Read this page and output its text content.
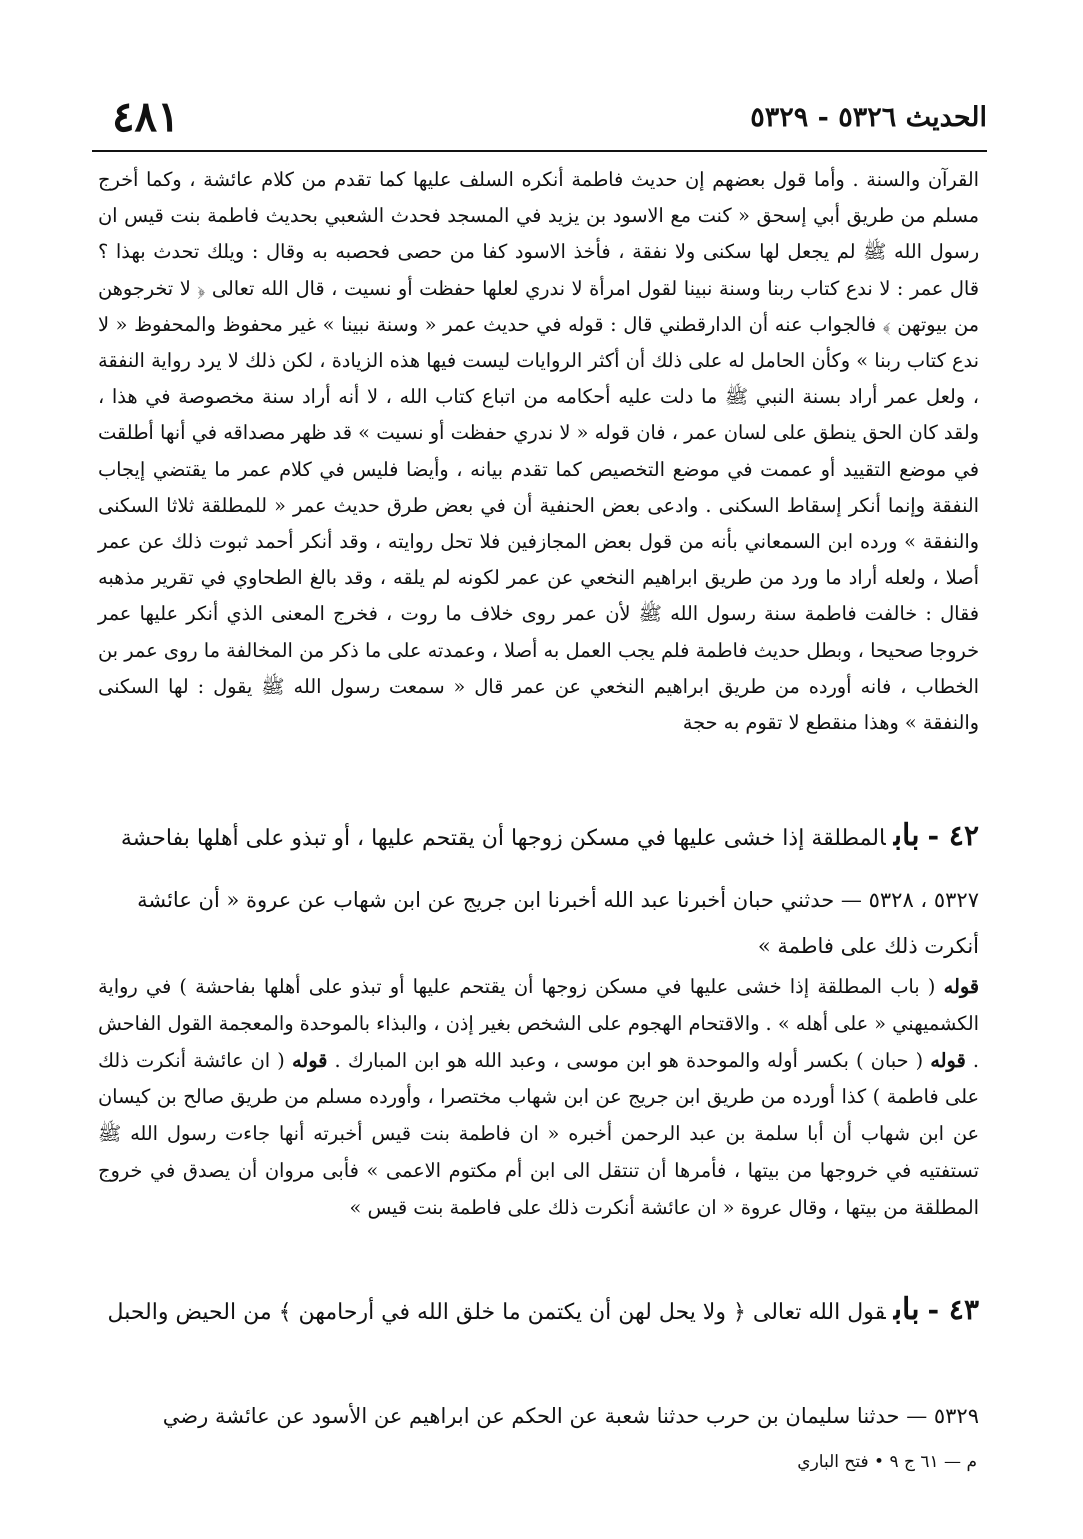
الحديث ٥٣٢٦ - ٥٣٢٩
٤٨١

القرآن والسنة . وأما قول بعضهم إن حديث فاطمة أنكره السلف عليها كما تقدم من كلام عائشة ، وكما أخرج مسلم من طريق أبي إسحق « كنت مع الاسود بن يزيد في المسجد فحدث الشعبي بحديث فاطمة بنت قيس ان رسول الله ﷺ لم يجعل لها سكنى ولا نفقة ، فأخذ الاسود كفا من حصى فحصبه به وقال : ويلك تحدث بهذا ؟ قال عمر : لا ندع كتاب ربنا وسنة نبينا لقول امرأة لا ندري لعلها حفظت أو نسيت ، قال الله تعالى ﴿ لا تخرجوهن من بيوتهن ﴾ فالجواب عنه أن الدارقطني قال : قوله في حديث عمر « وسنة نبينا » غير محفوظ والمحفوظ « لا ندع كتاب ربنا » وكأن الحامل له على ذلك أن أكثر الروايات ليست فيها هذه الزيادة ، لكن ذلك لا يرد رواية النفقة ، ولعل عمر أراد بسنة النبي ﷺ ما دلت عليه أحكامه من اتباع كتاب الله ، لا أنه أراد سنة مخصوصة في هذا ، ولقد كان الحق ينطق على لسان عمر ، فان قوله « لا ندري حفظت أو نسيت » قد ظهر مصداقه في أنها أطلقت في موضع التقييد أو عممت في موضع التخصيص كما تقدم بيانه ، وأيضا فليس في كلام عمر ما يقتضي إيجاب النفقة وإنما أنكر إسقاط السكنى . وادعى بعض الحنفية أن في بعض طرق حديث عمر « للمطلقة ثلاثا السكنى والنفقة » ورده ابن السمعاني بأنه من قول بعض المجازفين فلا تحل روايته ، وقد أنكر أحمد ثبوت ذلك عن عمر أصلا ، ولعله أراد ما ورد من طريق ابراهيم النخعي عن عمر لكونه لم يلقه ، وقد بالغ الطحاوي في تقرير مذهبه فقال : خالفت فاطمة سنة رسول الله ﷺ لأن عمر روى خلاف ما روت ، فخرج المعنى الذي أنكر عليها عمر خروجا صحيحا ، وبطل حديث فاطمة فلم يجب العمل به أصلا ، وعمدته على ما ذكر من المخالفة ما روى عمر بن الخطاب ، فانه أورده من طريق ابراهيم النخعي عن عمر قال « سمعت رسول الله ﷺ يقول : لها السكنى والنفقة » وهذا منقطع لا تقوم به حجة

٤٢ -بابالمطلقة إذا خشى عليها في مسكن زوجها أن يقتحم عليها ، أو تبذو على أهلها بفاحشة

٥٣٢٧ ، ٥٣٢٨ — حدثني حبان أخبرنا عبد الله أخبرنا ابن جريج عن ابن شهاب عن عروة « أن عائشة أنكرت ذلك على فاطمة »

قوله ( باب المطلقة إذا خشى عليها في مسكن زوجها أن يقتحم عليها أو تبذو على أهلها بفاحشة ) في رواية الكشميهني « على أهله » . والاقتحام الهجوم على الشخص بغير إذن ، والبذاء بالموحدة والمعجمة القول الفاحش . قوله ( حبان ) بكسر أوله والموحدة هو ابن موسى ، وعبد الله هو ابن المبارك . قوله ( ان عائشة أنكرت ذلك على فاطمة ) كذا أورده من طريق ابن جريج عن ابن شهاب مختصرا ، وأورده مسلم من طريق صالح بن كيسان عن ابن شهاب أن أبا سلمة بن عبد الرحمن أخبره « ان فاطمة بنت قيس أخبرته أنها جاءت رسول الله ﷺ تستفتيه في خروجها من بيتها ، فأمرها أن تنتقل الى ابن أم مكتوم الاعمى » فأبى مروان أن يصدق في خروج المطلقة من بيتها ، وقال عروة « ان عائشة أنكرت ذلك على فاطمة بنت قيس »
٤٣ -بابقول الله تعالى ﴿ ولا يحل لهن أن يكتمن ما خلق الله في أرحامهن ﴾ من الحيض والحبل
٥٣٢٩ — حدثنا سليمان بن حرب حدثنا شعبة عن الحكم عن ابراهيم عن الأسود عن عائشة رضي
م — ٦١ ج ٩ • فتح الباري
